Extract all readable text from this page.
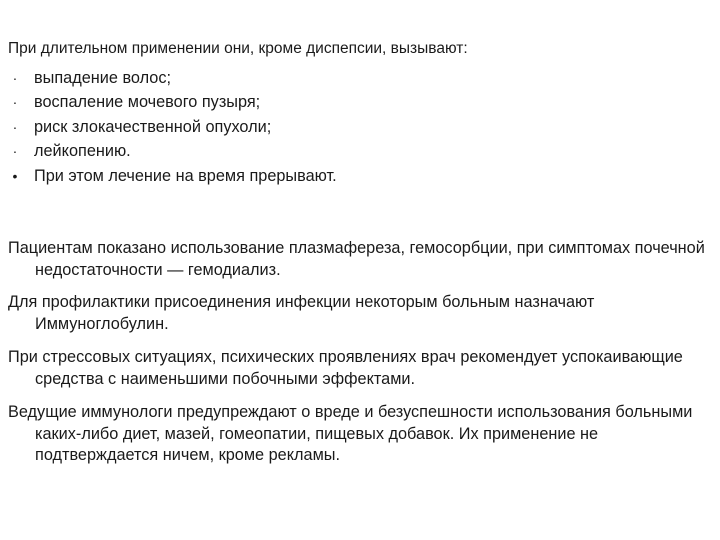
При длительном применении они, кроме диспепсии, вызывают:
· выпадение волос;
· воспаление мочевого пузыря;
· риск злокачественной опухоли;
· лейкопению.
• При этом лечение на время прерывают.

Пациентам показано использование плазмафереза, гемосорбции, при симптомах почечной недостаточности — гемодиализ.

Для профилактики присоединения инфекции некоторым больным назначают Иммуноглобулин.

При стрессовых ситуациях, психических проявлениях врач рекомендует успокаивающие средства с наименьшими побочными эффектами.

Ведущие иммунологи предупреждают о вреде и безуспешности использования больными каких-либо диет, мазей, гомеопатии, пищевых добавок. Их применение не подтверждается ничем, кроме рекламы.
